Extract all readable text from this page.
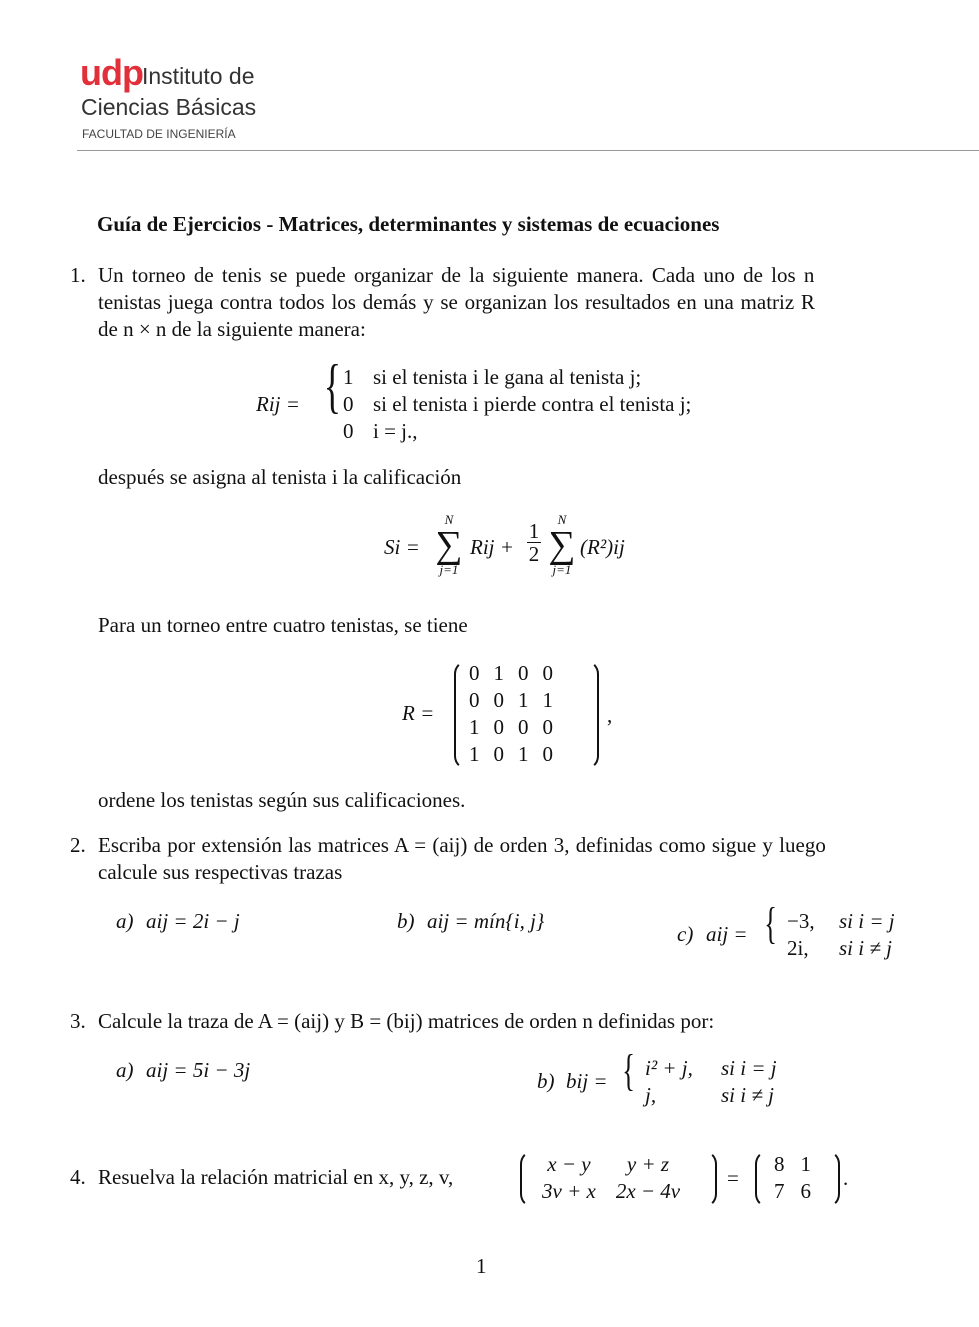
udp Instituto de
Ciencias Básicas
FACULTAD DE INGENIERÍA
Guía de Ejercicios - Matrices, determinantes y sistemas de ecuaciones
1. Un torneo de tenis se puede organizar de la siguiente manera. Cada uno de los n
tenistas juega contra todos los demás y se organizan los resultados en una matriz R
de n × n de la siguiente manera:
Rij = { 1 si el tenista i le gana al tenista j;
0 si el tenista i pierde contra el tenista j;
0 i = j.,
después se asigna al tenista i la calificación
Si =
N
∑
j=1
Rij +
1
2
N
∑
j=1
(R²)ij
Para un torneo entre cuatro tenistas, se tiene
R =
0	1	0	0
0	0	1	1
1	0	0	0
1	0	1	0
,
ordene los tenistas según sus calificaciones.
2. Escriba por extensión las matrices A = (aij) de orden 3, definidas como sigue y luego
calcule sus respectivas trazas
a) aij = 2i − j	b) aij = mín{i, j}
c) aij = { −3, si i = j
2i, si i ≠ j
3. Calcule la traza de A = (aij) y B = (bij) matrices de orden n definidas por:
a) aij = 5i − 3j	b) bij = { i² + j, si i = j
j,	si i ≠ j
4. Resuelva la relación matricial en x, y, z, v,
x − y	y + z
3v + x	2x − 4v
=
8	1
7	6
.
1
